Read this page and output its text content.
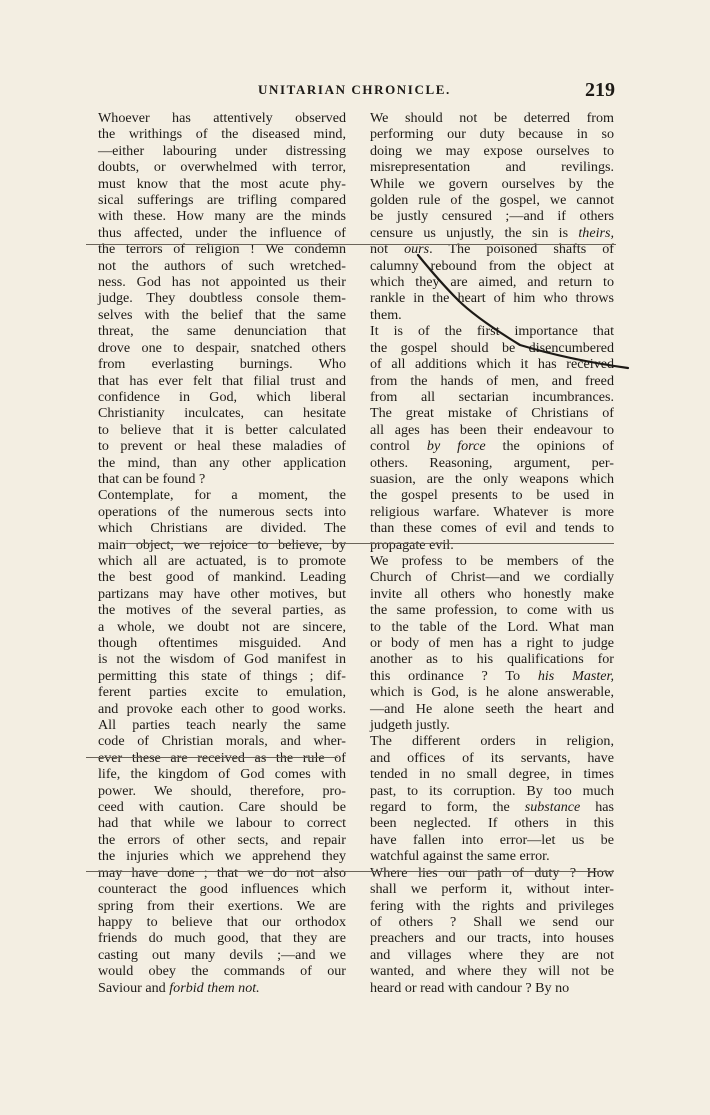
UNITARIAN CHRONICLE.	219

Whoever has attentively observed
the writhings of the diseased mind,
—either labouring under distressing
doubts, or overwhelmed with terror,
must know that the most acute phy-
sical sufferings are trifling compared
with these. How many are the minds
thus affected, under the influence of
the terrors of religion ! We condemn
not the authors of such wretched-
ness. God has not appointed us their
judge. They doubtless console them-
selves with the belief that the same
threat, the same denunciation that
drove one to despair, snatched others
from everlasting burnings. Who
that has ever felt that filial trust and
confidence in God, which liberal
Christianity inculcates, can hesitate
to believe that it is better calculated
to prevent or heal these maladies of
the mind, than any other application
that can be found ?

Contemplate, for a moment, the
operations of the numerous sects into
which Christians are divided. The
main object, we rejoice to believe, by
which all are actuated, is to promote
the best good of mankind. Leading
partizans may have other motives, but
the motives of the several parties, as
a whole, we doubt not are sincere,
though oftentimes misguided. And
is not the wisdom of God manifest in
permitting this state of things ; dif-
ferent parties excite to emulation,
and provoke each other to good works.
All parties teach nearly the same
code of Christian morals, and wher-
ever these are received as the rule of
life, the kingdom of God comes with
power. We should, therefore, pro-
ceed with caution. Care should be
had that while we labour to correct
the errors of other sects, and repair
the injuries which we apprehend they
may have done ; that we do not also
counteract the good influences which
spring from their exertions. We are
happy to believe that our orthodox
friends do much good, that they are
casting out many devils ;—and we
would obey the commands of our
Saviour and forbid them not.

We should not be deterred from
performing our duty because in so
doing we may expose ourselves to
misrepresentation and revilings.
While we govern ourselves by the
golden rule of the gospel, we cannot
be justly censured ;—and if others
censure us unjustly, the sin is theirs,
not ours. The poisoned shafts of
calumny rebound from the object at
which they are aimed, and return to
rankle in the heart of him who throws
them.

It is of the first importance that
the gospel should be disencumbered
of all additions which it has received
from the hands of men, and freed
from all sectarian incumbrances.
The great mistake of Christians of
all ages has been their endeavour to
control by force the opinions of
others. Reasoning, argument, per-
suasion, are the only weapons which
the gospel presents to be used in
religious warfare. Whatever is more
than these comes of evil and tends to
propagate evil.

We profess to be members of the
Church of Christ—and we cordially
invite all others who honestly make
the same profession, to come with us
to the table of the Lord. What man
or body of men has a right to judge
another as to his qualifications for
this ordinance ? To his Master,
which is God, is he alone answerable,
—and He alone seeth the heart and
judgeth justly.

The different orders in religion,
and offices of its servants, have
tended in no small degree, in times
past, to its corruption. By too much
regard to form, the substance has
been neglected. If others in this
have fallen into error—let us be
watchful against the same error.

Where lies our path of duty ? How
shall we perform it, without inter-
fering with the rights and privileges
of others ? Shall we send our
preachers and our tracts, into houses
and villages where they are not
wanted, and where they will not be
heard or read with candour ? By no
